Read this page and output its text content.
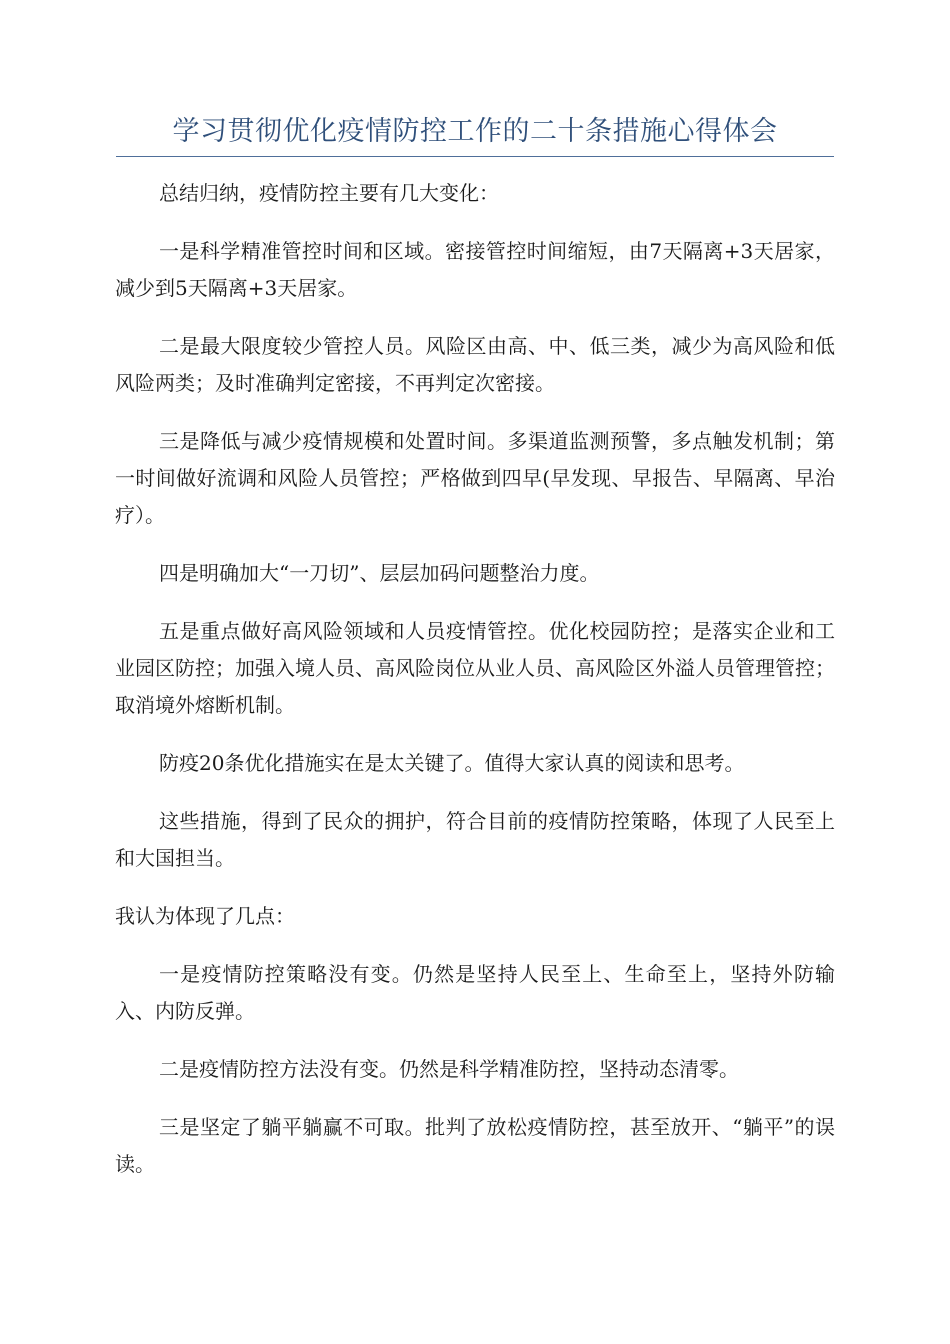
学习贯彻优化疫情防控工作的二十条措施心得体会

总结归纳，疫情防控主要有几大变化：

一是科学精准管控时间和区域。密接管控时间缩短，由7天隔离+3天居家，减少到5天隔离+3天居家。

二是最大限度较少管控人员。风险区由高、中、低三类，减少为高风险和低风险两类；及时准确判定密接，不再判定次密接。

三是降低与减少疫情规模和处置时间。多渠道监测预警，多点触发机制；第一时间做好流调和风险人员管控；严格做到四早(早发现、早报告、早隔离、早治疗）。

四是明确加大“一刀切”、层层加码问题整治力度。

五是重点做好高风险领域和人员疫情管控。优化校园防控；是落实企业和工业园区防控；加强入境人员、高风险岗位从业人员、高风险区外溢人员管理管控；取消境外熔断机制。

防疫20条优化措施实在是太关键了。值得大家认真的阅读和思考。

这些措施，得到了民众的拥护，符合目前的疫情防控策略，体现了人民至上和大国担当。

我认为体现了几点：

一是疫情防控策略没有变。仍然是坚持人民至上、生命至上，坚持外防输入、内防反弹。

二是疫情防控方法没有变。仍然是科学精准防控，坚持动态清零。

三是坚定了躺平躺赢不可取。批判了放松疫情防控，甚至放开、“躺平”的误读。
